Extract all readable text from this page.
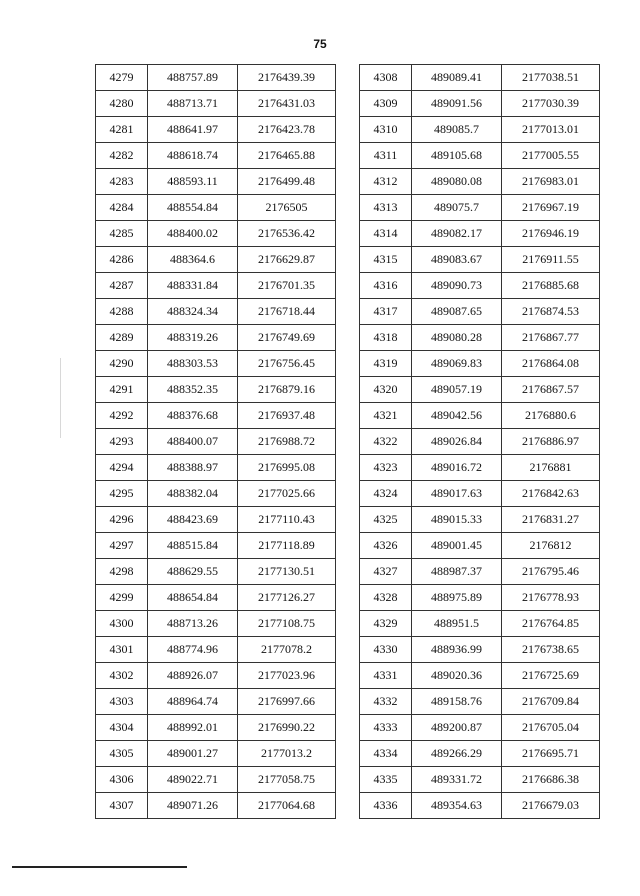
75
4279	488757.89	2176439.39
4280	488713.71	2176431.03
4281	488641.97	2176423.78
4282	488618.74	2176465.88
4283	488593.11	2176499.48
4284	488554.84	2176505
4285	488400.02	2176536.42
4286	488364.6	2176629.87
4287	488331.84	2176701.35
4288	488324.34	2176718.44
4289	488319.26	2176749.69
4290	488303.53	2176756.45
4291	488352.35	2176879.16
4292	488376.68	2176937.48
4293	488400.07	2176988.72
4294	488388.97	2176995.08
4295	488382.04	2177025.66
4296	488423.69	2177110.43
4297	488515.84	2177118.89
4298	488629.55	2177130.51
4299	488654.84	2177126.27
4300	488713.26	2177108.75
4301	488774.96	2177078.2
4302	488926.07	2177023.96
4303	488964.74	2176997.66
4304	488992.01	2176990.22
4305	489001.27	2177013.2
4306	489022.71	2177058.75
4307	489071.26	2177064.68
4308	489089.41	2177038.51
4309	489091.56	2177030.39
4310	489085.7	2177013.01
4311	489105.68	2177005.55
4312	489080.08	2176983.01
4313	489075.7	2176967.19
4314	489082.17	2176946.19
4315	489083.67	2176911.55
4316	489090.73	2176885.68
4317	489087.65	2176874.53
4318	489080.28	2176867.77
4319	489069.83	2176864.08
4320	489057.19	2176867.57
4321	489042.56	2176880.6
4322	489026.84	2176886.97
4323	489016.72	2176881
4324	489017.63	2176842.63
4325	489015.33	2176831.27
4326	489001.45	2176812
4327	488987.37	2176795.46
4328	488975.89	2176778.93
4329	488951.5	2176764.85
4330	488936.99	2176738.65
4331	489020.36	2176725.69
4332	489158.76	2176709.84
4333	489200.87	2176705.04
4334	489266.29	2176695.71
4335	489331.72	2176686.38
4336	489354.63	2176679.03
